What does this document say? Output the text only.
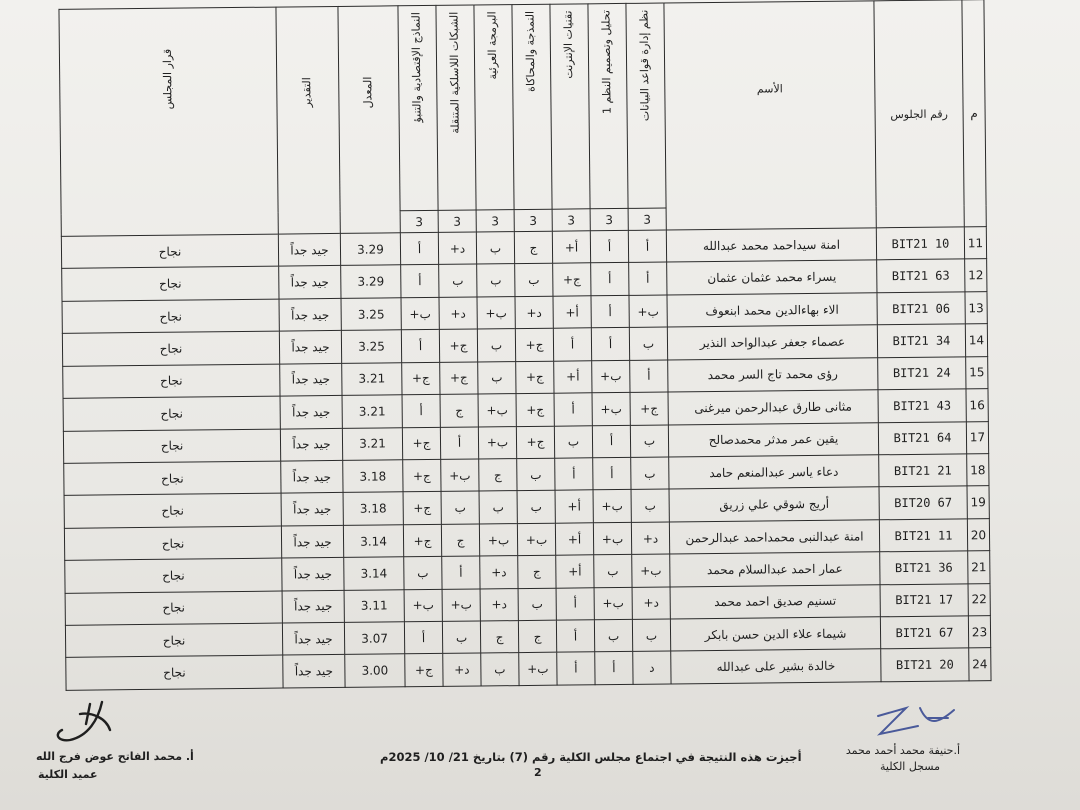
م	رقم الجلوس	الأسم	نظم إدارة قواعد البيانات	تحليل وتصميم النظم 1	تقنيات الإنترنت	النمذجة والمحاكاة	البرمجة العرئية	الشبكات اللاسلكية المتنقلة	النماذج الإقتصادية والتنبؤ	المعدل	التقدير	قرار المجلس
			3	3	3	3	3	3	3			
11	BIT21 10	امنة سيداحمد محمد عبدالله	أ	أ	أ+	ج	ب	د+	أ	3.29	جيد جداً	نجاح
12	BIT21 63	يسراء محمد عثمان عثمان	أ	أ	ج+	ب	ب	ب	أ	3.29	جيد جداً	نجاح
13	BIT21 06	الاء بهاءالدين محمد ابنعوف	ب+	أ	أ+	د+	ب+	د+	ب+	3.25	جيد جداً	نجاح
14	BIT21 34	عصماء جعفر عبدالواحد النذير	ب	أ	أ	ج+	ب	ج+	أ	3.25	جيد جداً	نجاح
15	BIT21 24	رؤى محمد تاج السر محمد	أ	ب+	أ+	ج+	ب	ج+	ج+	3.21	جيد جداً	نجاح
16	BIT21 43	مثانى طارق عبدالرحمن ميرغنى	ج+	ب+	أ	ج+	ب+	ج	أ	3.21	جيد جداً	نجاح
17	BIT21 64	يقين عمر مدثر محمدصالح	ب	أ	ب	ج+	ب+	أ	ج+	3.21	جيد جداً	نجاح
18	BIT21 21	دعاء ياسر عبدالمنعم حامد	ب	أ	أ	ب	ج	ب+	ج+	3.18	جيد جداً	نجاح
19	BIT20 67	أريج شوقي علي زريق	ب	ب+	أ+	ب	ب	ب	ج+	3.18	جيد جداً	نجاح
20	BIT21 11	امنة عبدالنبى محمداحمد عبدالرحمن	د+	ب+	أ+	ب+	ب+	ج	ج+	3.14	جيد جداً	نجاح
21	BIT21 36	عمار احمد عبدالسلام محمد	ب+	ب	أ+	ج	د+	أ	ب	3.14	جيد جداً	نجاح
22	BIT21 17	تسنيم صديق احمد محمد	د+	ب+	أ	ب	د+	ب+	ب+	3.11	جيد جداً	نجاح
23	BIT21 67	شيماء علاء الدين حسن بابكر	ب	ب	أ	ج	ج	ب	أ	3.07	جيد جداً	نجاح
24	BIT21 20	خالدة بشير على عبدالله	د	أ	أ	ب+	ب	د+	ج+	3.00	جيد جداً	نجاح
أ.حنيفة محمد أحمد محمد
مسجل الكلية
أجيزت هذه النتيجة في اجتماع مجلس الكلية رقم (7) بتاريخ 21/ 10/ 2025م
2
أ. محمد الفاتح عوض فرج الله
عميد الكلية
